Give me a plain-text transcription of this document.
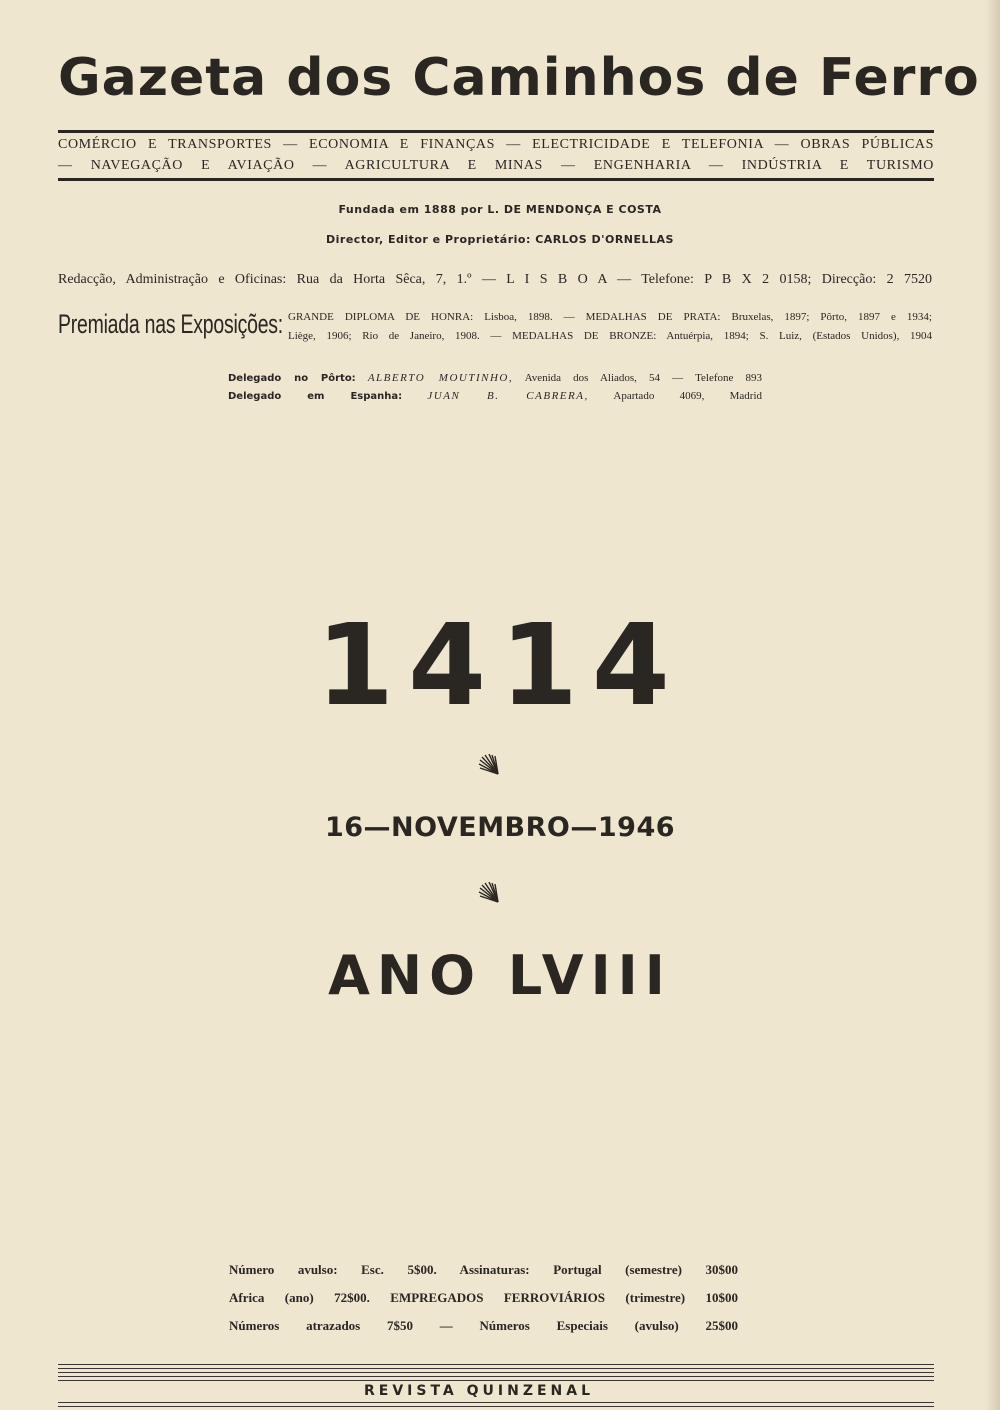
Gazeta dos Caminhos de Ferro
COMÉRCIO E TRANSPORTES — ECONOMIA E FINANÇAS — ELECTRICIDADE E TELEFONIA — OBRAS PÚBLICAS
— NAVEGAÇÃO E AVIAÇÃO — AGRICULTURA E MINAS — ENGENHARIA — INDÚSTRIA E TURISMO
Fundada em 1888 por L. DE MENDONÇA E COSTA
Director, Editor e Proprietário: CARLOS D'ORNELLAS
Redacção, Administração e Oficinas: Rua da Horta Sêca, 7, 1.º — L I S B O A — Telefone: P B X 2 0158; Direcção: 2 7520
Premiada nas Exposições: GRANDE DIPLOMA DE HONRA: Lisboa, 1898. — MEDALHAS DE PRATA: Bruxelas, 1897; Pôrto, 1897 e 1934;
Liège, 1906; Rio de Janeiro, 1908. — MEDALHAS DE BRONZE: Antuérpia, 1894; S. Luiz, (Estados Unidos), 1904
Delegado no Pôrto: ALBERTO MOUTINHO, Avenida dos Aliados, 54 — Telefone 893
Delegado em Espanha: JUAN B. CABRERA, Apartado 4069, Madrid
1414
16—NOVEMBRO—1946
ANO LVIII
Número avulso: Esc. 5$00. Assinaturas: Portugal (semestre) 30$00
Africa (ano) 72$00. EMPREGADOS FERROVIÁRIOS (trimestre) 10$00
Números atrazados 7$50 — Números Especiais (avulso) 25$00
REVISTA QUINZENAL
